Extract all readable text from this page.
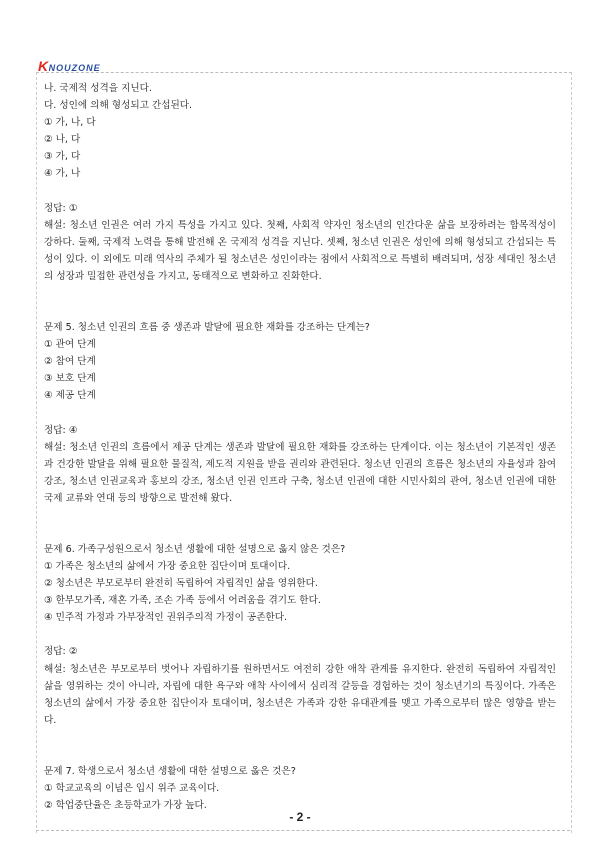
KNOUZONE
나. 국제적 성격을 지닌다.
다. 성인에 의해 형성되고 간섭된다.
① 가, 나, 다
② 나, 다
③ 가, 다
④ 가, 나
정답: ①
해설: 청소년 인권은 여러 가지 특성을 가지고 있다. 첫째, 사회적 약자인 청소년의 인간다운 삶을 보장하려는 합목적성이 강하다. 둘째, 국제적 노력을 통해 발전해 온 국제적 성격을 지닌다. 셋째, 청소년 인권은 성인에 의해 형성되고 간섭되는 특성이 있다. 이 외에도 미래 역사의 주체가 될 청소년은 성인이라는 점에서 사회적으로 특별히 배려되며, 성장 세대인 청소년의 성장과 밀접한 관련성을 가지고, 동태적으로 변화하고 진화한다.
문제 5. 청소년 인권의 흐름 중 생존과 발달에 필요한 재화를 강조하는 단계는?
① 관여 단계
② 참여 단계
③ 보호 단계
④ 제공 단계
정답: ④
해설: 청소년 인권의 흐름에서 제공 단계는 생존과 발달에 필요한 재화를 강조하는 단계이다. 이는 청소년이 기본적인 생존과 건강한 발달을 위해 필요한 물질적, 제도적 지원을 받을 권리와 관련된다. 청소년 인권의 흐름은 청소년의 자율성과 참여 강조, 청소년 인권교육과 홍보의 강조, 청소년 인권 인프라 구축, 청소년 인권에 대한 시민사회의 관여, 청소년 인권에 대한 국제 교류와 연대 등의 방향으로 발전해 왔다.
문제 6. 가족구성원으로서 청소년 생활에 대한 설명으로 옳지 않은 것은?
① 가족은 청소년의 삶에서 가장 중요한 집단이며 토대이다.
② 청소년은 부모로부터 완전히 독립하여 자립적인 삶을 영위한다.
③ 한부모가족, 재혼 가족, 조손 가족 등에서 어려움을 겪기도 한다.
④ 민주적 가정과 가부장적인 권위주의적 가정이 공존한다.
정답: ②
해설: 청소년은 부모로부터 벗어나 자립하기를 원하면서도 여전히 강한 애착 관계를 유지한다. 완전히 독립하여 자립적인 삶을 영위하는 것이 아니라, 자립에 대한 욕구와 애착 사이에서 심리적 갈등을 경험하는 것이 청소년기의 특징이다. 가족은 청소년의 삶에서 가장 중요한 집단이자 토대이며, 청소년은 가족과 강한 유대관계를 맺고 가족으로부터 많은 영향을 받는다.
문제 7. 학생으로서 청소년 생활에 대한 설명으로 옳은 것은?
① 학교교육의 이념은 입시 위주 교육이다.
② 학업중단율은 초등학교가 가장 높다.
- 2 -
